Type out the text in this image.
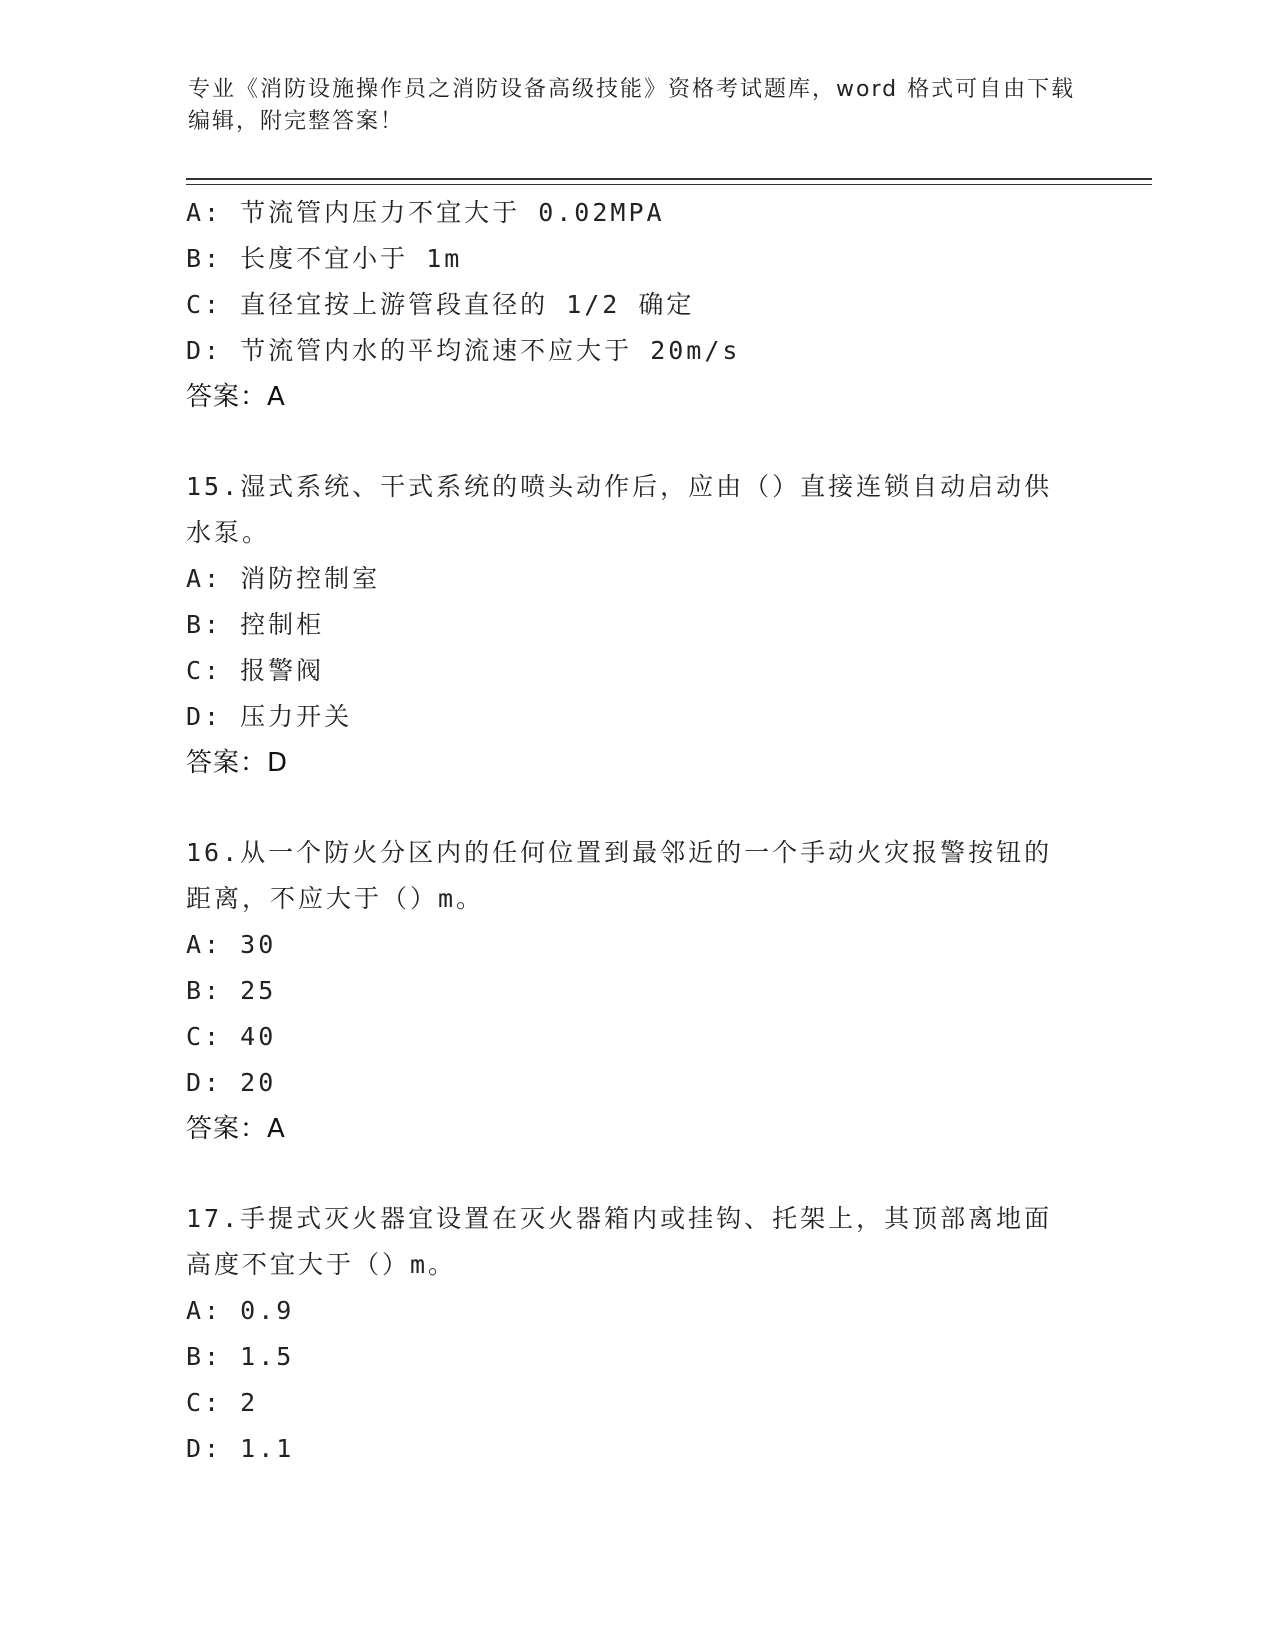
专业《消防设施操作员之消防设备高级技能》资格考试题库，word 格式可自由下载编辑，附完整答案！
A: 节流管内压力不宜大于 0.02MPA
B: 长度不宜小于 1m
C: 直径宜按上游管段直径的 1/2 确定
D: 节流管内水的平均流速不应大于 20m/s
答案：A
15.湿式系统、干式系统的喷头动作后，应由（）直接连锁自动启动供水泵。
A: 消防控制室
B: 控制柜
C: 报警阀
D: 压力开关
答案：D
16.从一个防火分区内的任何位置到最邻近的一个手动火灾报警按钮的距离，不应大于（）m。
A: 30
B: 25
C: 40
D: 20
答案：A
17.手提式灭火器宜设置在灭火器箱内或挂钩、托架上，其顶部离地面高度不宜大于（）m。
A: 0.9
B: 1.5
C: 2
D: 1.1
